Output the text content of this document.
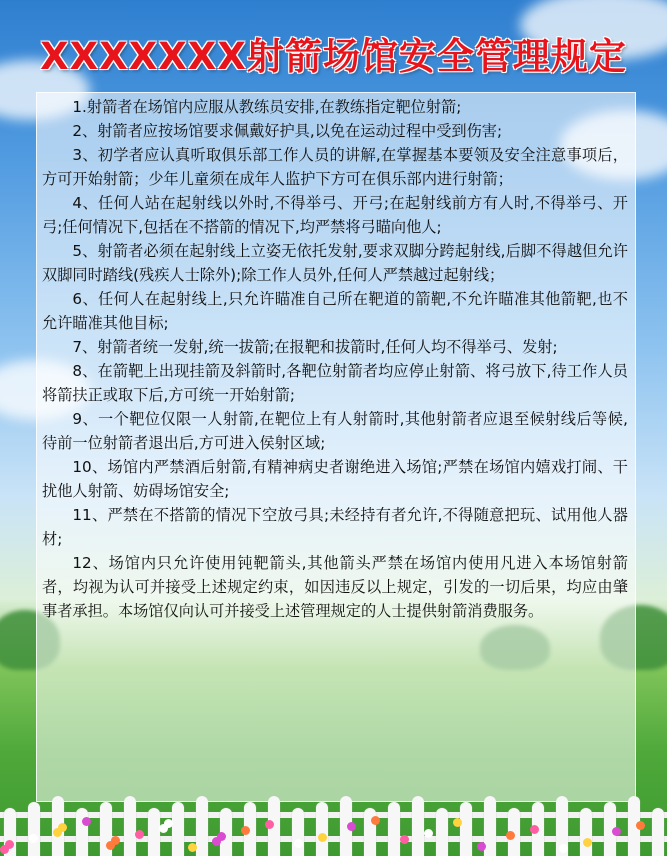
XXXXXXX射箭场馆安全管理规定

1.射箭者在场馆内应服从教练员安排,在教练指定靶位射箭;

2、射箭者应按场馆要求佩戴好护具,以免在运动过程中受到伤害;

3、初学者应认真听取俱乐部工作人员的讲解,在掌握基本要领及安全注意事项后，方可开始射箭；少年儿童须在成年人监护下方可在俱乐部内进行射箭；

4、任何人站在起射线以外时,不得举弓、开弓;在起射线前方有人时,不得举弓、开弓;任何情况下,包括在不搭箭的情况下,均严禁将弓瞄向他人;

5、射箭者必须在起射线上立姿无依托发射,要求双脚分跨起射线,后脚不得越但允许双脚同时踏线(残疾人士除外);除工作人员外,任何人严禁越过起射线；

6、任何人在起射线上,只允许瞄准自己所在靶道的箭靶,不允许瞄准其他箭靶,也不允许瞄准其他目标;

7、射箭者统一发射,统一拔箭;在报靶和拔箭时,任何人均不得举弓、发射;

8、在箭靶上出现挂箭及斜箭时,各靶位射箭者均应停止射箭、将弓放下,待工作人员将箭扶正或取下后,方可统一开始射箭;

9、一个靶位仅限一人射箭,在靶位上有人射箭时,其他射箭者应退至候射线后等候,待前一位射箭者退出后,方可进入侯射区域;

10、场馆内严禁酒后射箭,有精神病史者谢绝进入场馆;严禁在场馆内嬉戏打闹、干扰他人射箭、妨碍场馆安全;

11、严禁在不搭箭的情况下空放弓具;未经持有者允许,不得随意把玩、试用他人器材;

12、场馆内只允许使用钝靶箭头,其他箭头严禁在场馆内使用凡进入本场馆射箭者，均视为认可并接受上述规定约束，如因违反以上规定，引发的一切后果，均应由肇事者承担。本场馆仅向认可并接受上述管理规定的人士提供射箭消费服务。
